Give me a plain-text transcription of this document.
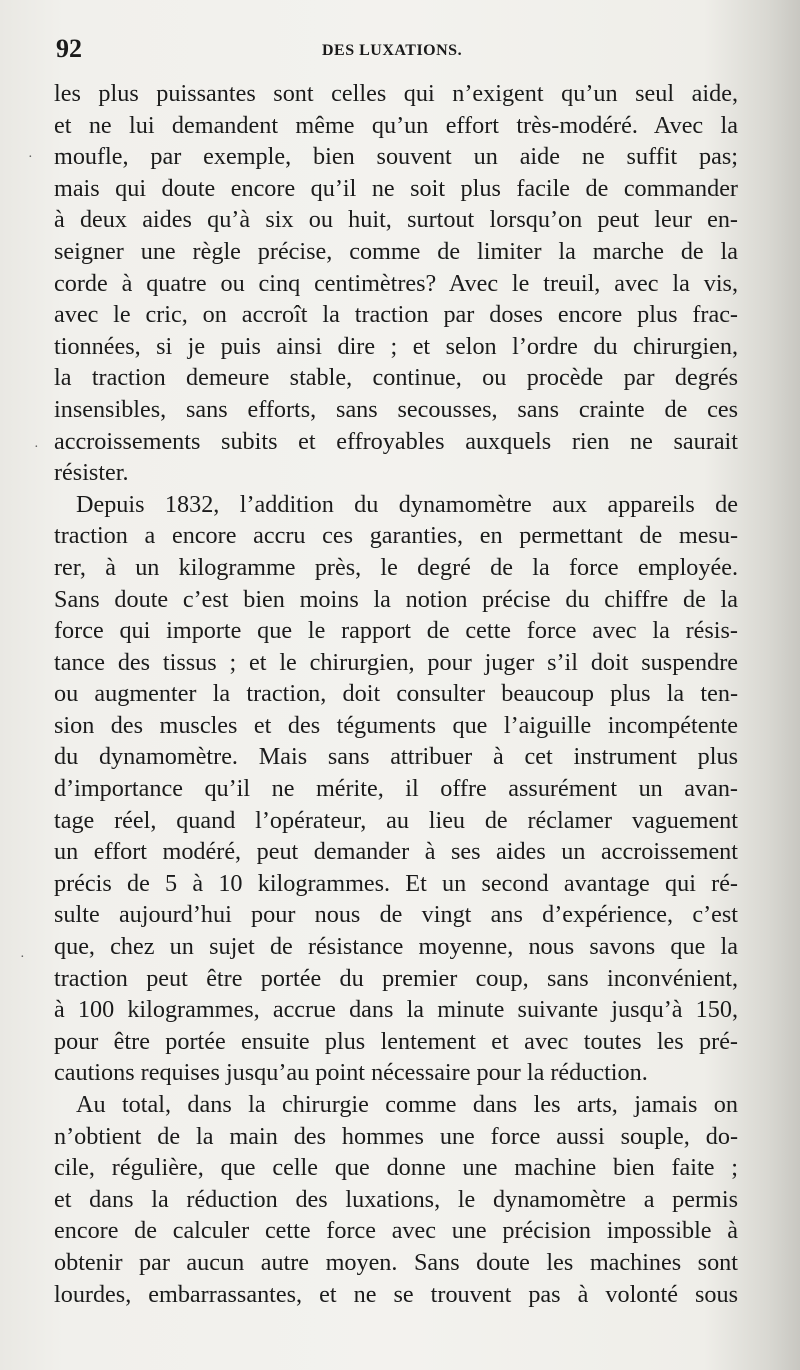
92	DES LUXATIONS.
les plus puissantes sont celles qui n’exigent qu’un seul aide,
et ne lui demandent même qu’un effort très-modéré. Avec la
moufle, par exemple, bien souvent un aide ne suffit pas;
mais qui doute encore qu’il ne soit plus facile de commander
à deux aides qu’à six ou huit, surtout lorsqu’on peut leur en-
seigner une règle précise, comme de limiter la marche de la
corde à quatre ou cinq centimètres? Avec le treuil, avec la vis,
avec le cric, on accroît la traction par doses encore plus frac-
tionnées, si je puis ainsi dire ; et selon l’ordre du chirurgien,
la traction demeure stable, continue, ou procède par degrés
insensibles, sans efforts, sans secousses, sans crainte de ces
accroissements subits et effroyables auxquels rien ne saurait
résister.
Depuis 1832, l’addition du dynamomètre aux appareils de
traction a encore accru ces garanties, en permettant de mesu-
rer, à un kilogramme près, le degré de la force employée.
Sans doute c’est bien moins la notion précise du chiffre de la
force qui importe que le rapport de cette force avec la résis-
tance des tissus ; et le chirurgien, pour juger s’il doit suspendre
ou augmenter la traction, doit consulter beaucoup plus la ten-
sion des muscles et des téguments que l’aiguille incompétente
du dynamomètre. Mais sans attribuer à cet instrument plus
d’importance qu’il ne mérite, il offre assurément un avan-
tage réel, quand l’opérateur, au lieu de réclamer vaguement
un effort modéré, peut demander à ses aides un accroissement
précis de 5 à 10 kilogrammes. Et un second avantage qui ré-
sulte aujourd’hui pour nous de vingt ans d’expérience, c’est
que, chez un sujet de résistance moyenne, nous savons que la
traction peut être portée du premier coup, sans inconvénient,
à 100 kilogrammes, accrue dans la minute suivante jusqu’à 150,
pour être portée ensuite plus lentement et avec toutes les pré-
cautions requises jusqu’au point nécessaire pour la réduction.
Au total, dans la chirurgie comme dans les arts, jamais on
n’obtient de la main des hommes une force aussi souple, do-
cile, régulière, que celle que donne une machine bien faite ;
et dans la réduction des luxations, le dynamomètre a permis
encore de calculer cette force avec une précision impossible à
obtenir par aucun autre moyen. Sans doute les machines sont
lourdes, embarrassantes, et ne se trouvent pas à volonté sous
·
·
·
